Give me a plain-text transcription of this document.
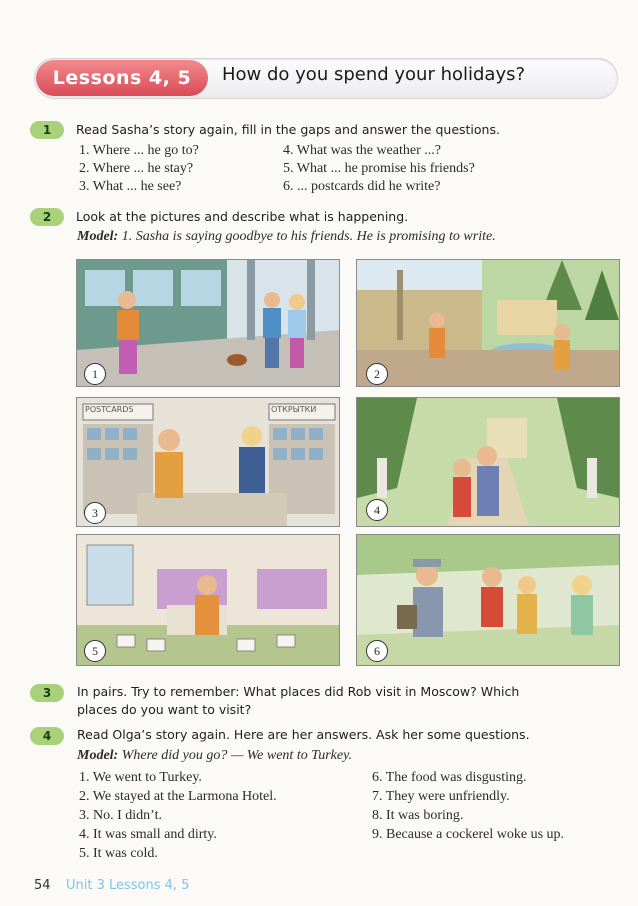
Lessons 4, 5	How do you spend your holidays?
1	Read Sasha’s story again, fill in the gaps and answer the questions.
1. Where ... he go to?
2. Where ... he stay?
3. What ... he see?
4. What was the weather ...?
5. What ... he promise his friends?
6. ... postcards did he write?
2	Look at the pictures and describe what is happening.
Model: 1. Sasha is saying goodbye to his friends. He is promising to write.
1	2
POSTCARDS	ОТКРЫТКИ
3	4
5	6
3	In pairs. Try to remember: What places did Rob visit in Moscow? Which
places do you want to visit?
4	Read Olga’s story again. Here are her answers. Ask her some questions.
Model: Where did you go? — We went to Turkey.
1. We went to Turkey.
2. We stayed at the Larmona Hotel.
3. No. I didn’t.
4. It was small and dirty.
5. It was cold.
6. The food was disgusting.
7. They were unfriendly.
8. It was boring.
9. Because a cockerel woke us up.
54 Unit 3 Lessons 4, 5
